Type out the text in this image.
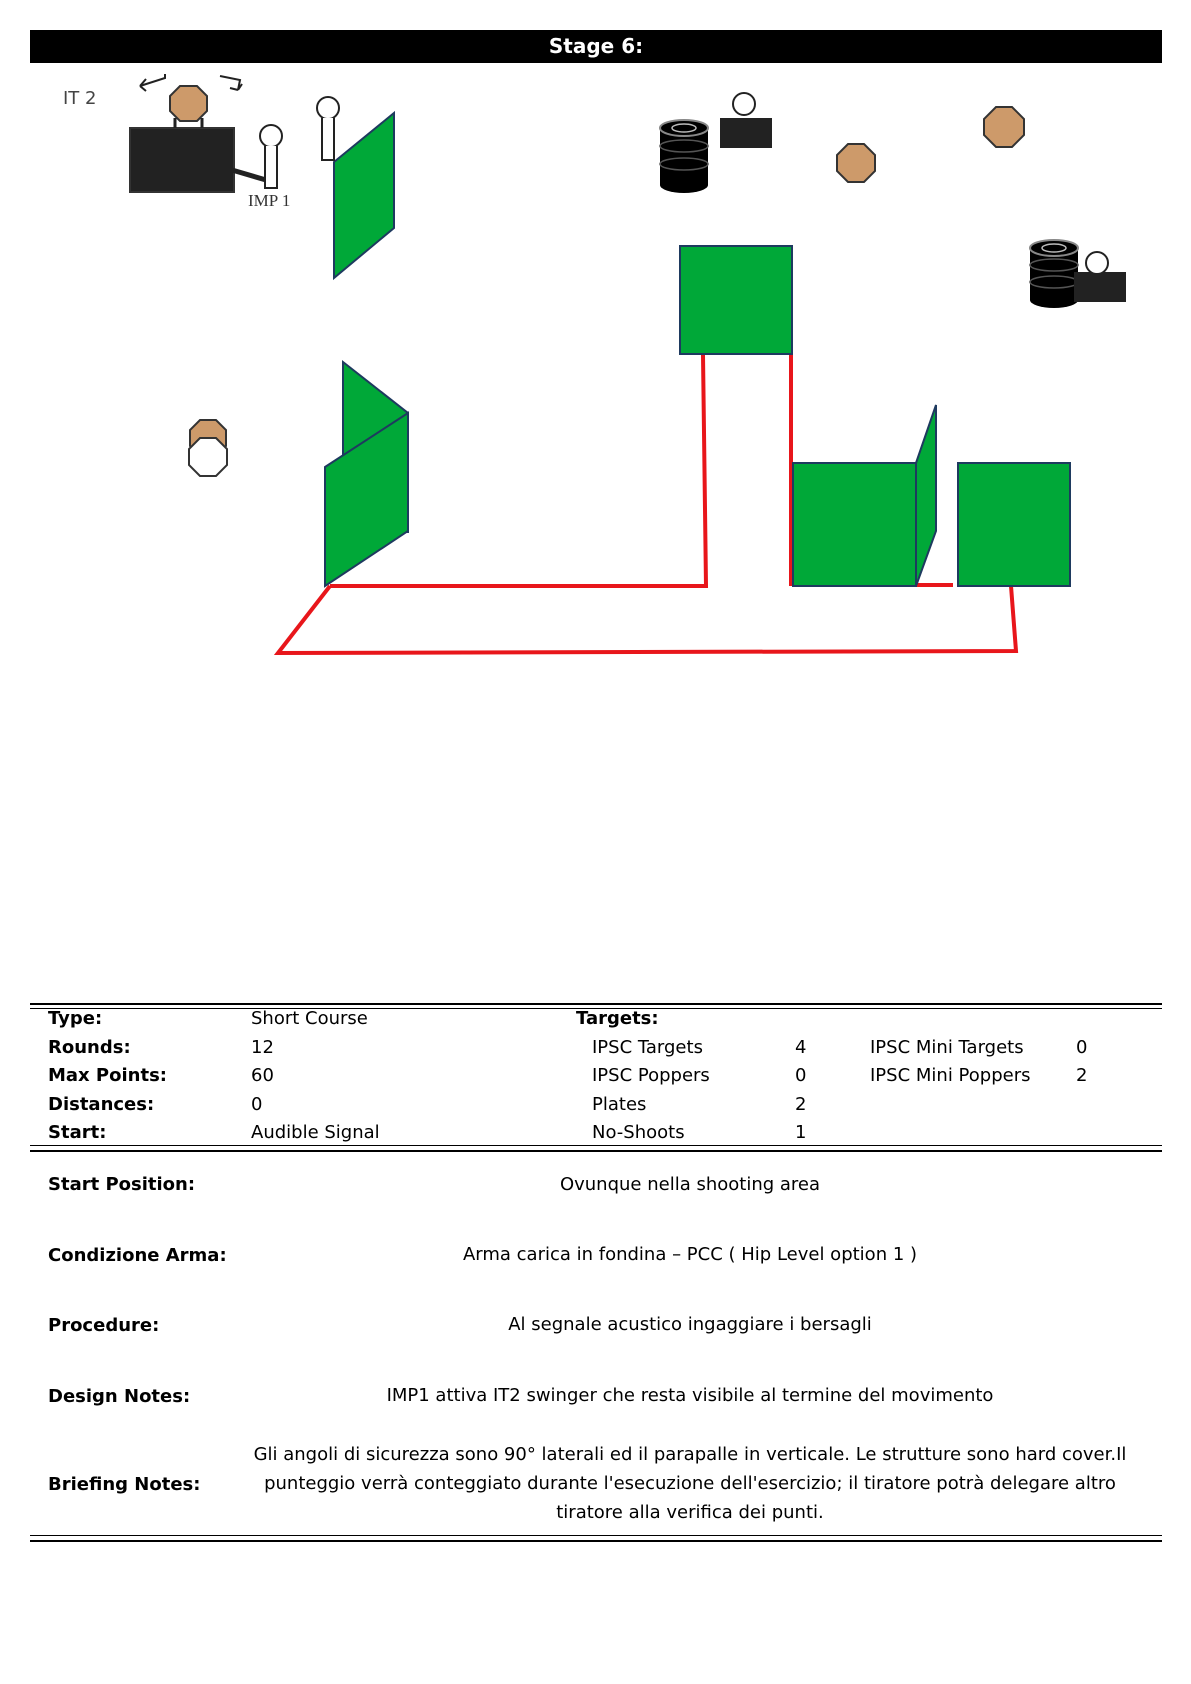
Stage 6:
IT 2
IMP 1
Type:	Short Course	Targets:
Rounds:	12	IPSC Targets	4	IPSC Mini Targets	0
Max Points:	60	IPSC Poppers	0	IPSC Mini Poppers	2
Distances:	0	Plates	2
Start:	Audible Signal	No-Shoots	1
Start Position:	Ovunque nella shooting area
Condizione Arma:	Arma carica in fondina – PCC ( Hip Level option 1 )
Procedure:	Al segnale acustico ingaggiare i bersagli
Design Notes:	IMP1 attiva IT2 swinger che resta visibile al termine del movimento
Briefing Notes:
Gli angoli di sicurezza sono 90° laterali ed il parapalle in verticale. Le strutture sono hard cover.Il punteggio verrà conteggiato durante l'esecuzione dell'esercizio; il tiratore potrà delegare altro tiratore alla verifica dei punti.
